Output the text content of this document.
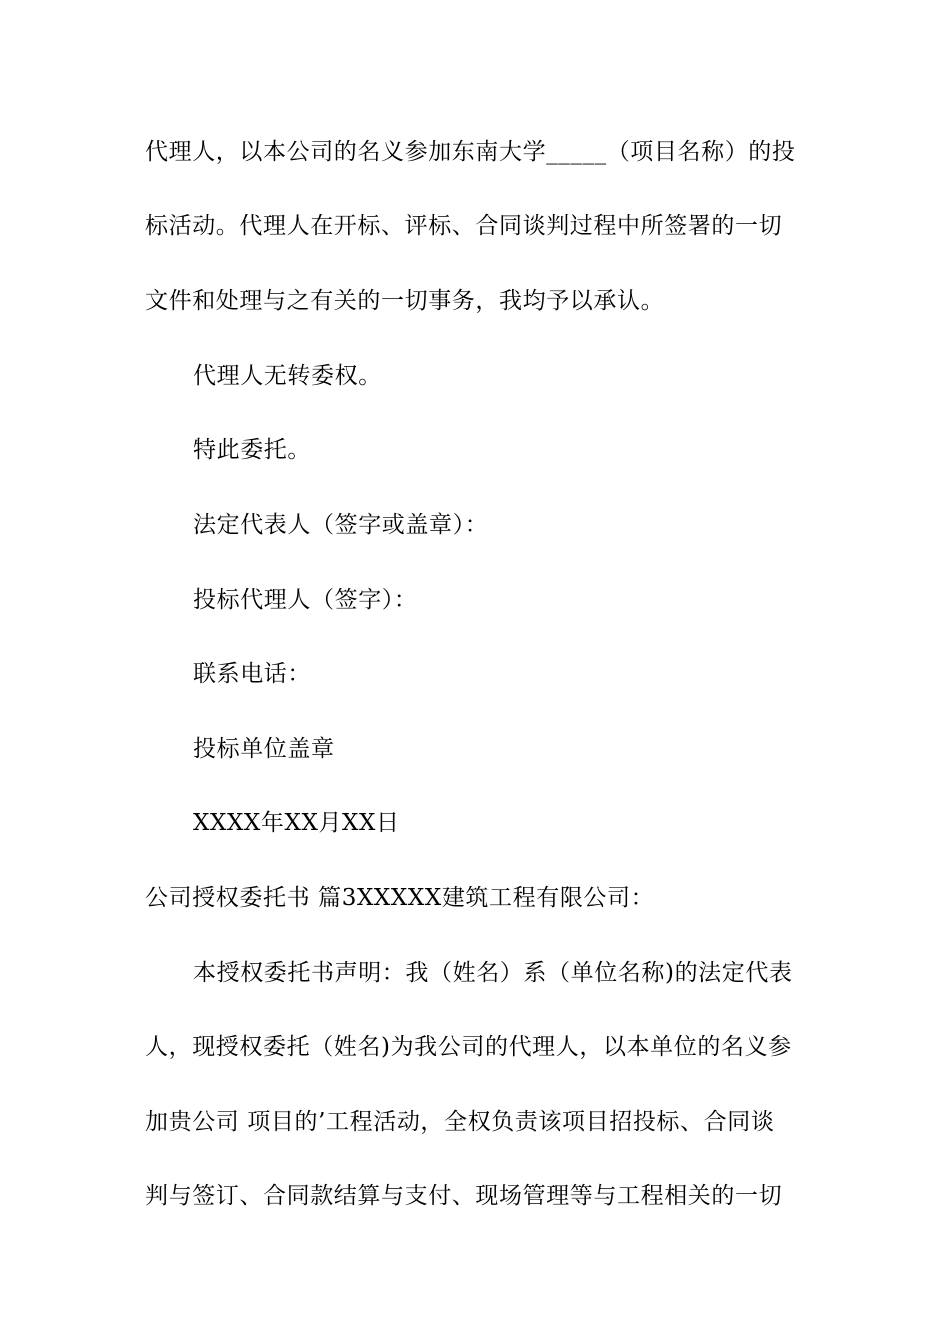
代理人，以本公司的名义参加东南大学_____（项目名称）的投
标活动。代理人在开标、评标、合同谈判过程中所签署的一切
文件和处理与之有关的一切事务，我均予以承认。
代理人无转委权。
特此委托。
法定代表人（签字或盖章）：
投标代理人（签字）：
联系电话：
投标单位盖章
XXXX年XX月XX日
公司授权委托书 篇3XXXXX建筑工程有限公司：
本授权委托书声明：我（姓名）系（单位名称)的法定代表
人，现授权委托（姓名)为我公司的代理人，以本单位的名义参
加贵公司 项目的’工程活动，全权负责该项目招投标、合同谈
判与签订、合同款结算与支付、现场管理等与工程相关的一切
